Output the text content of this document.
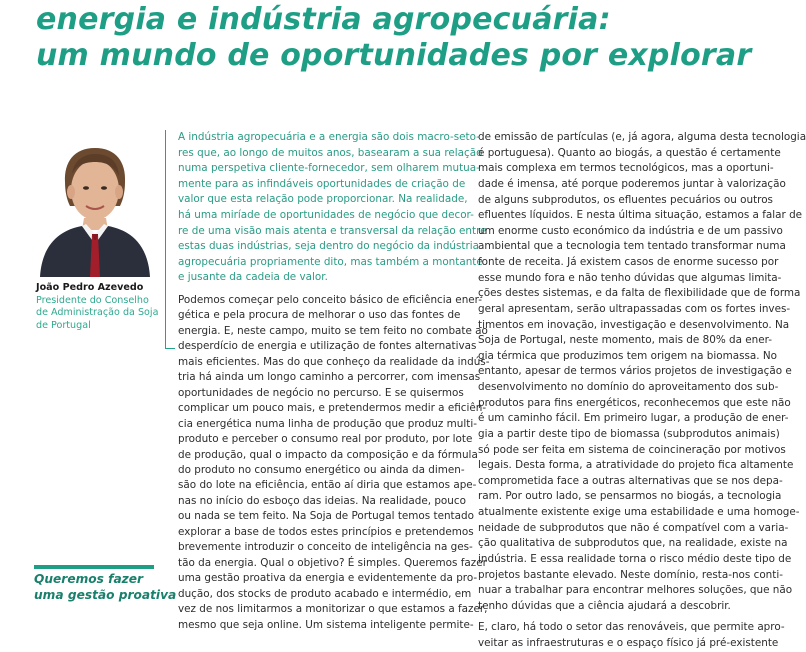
energia e indústria agropecuária:
um mundo de oportunidades por explorar
João Pedro Azevedo
Presidente do Conselho de Administração da Soja de Portugal
A indústria agropecuária e a energia são dois macro-seto-
res que, ao longo de muitos anos, basearam a sua relação
numa perspetiva cliente-fornecedor, sem olharem mutua-
mente para as infindáveis oportunidades de criação de
valor que esta relação pode proporcionar. Na realidade,
há uma miríade de oportunidades de negócio que decor-
re de uma visão mais atenta e transversal da relação entre
estas duas indústrias, seja dentro do negócio da indústria
agropecuária propriamente dito, mas também a montante
e jusante da cadeia de valor.
Podemos começar pelo conceito básico de eficiência ener-
gética e pela procura de melhorar o uso das fontes de
energia. E, neste campo, muito se tem feito no combate ao
desperdício de energia e utilização de fontes alternativas
mais eficientes. Mas do que conheço da realidade da indús-
tria há ainda um longo caminho a percorrer, com imensas
oportunidades de negócio no percurso. E se quisermos
complicar um pouco mais, e pretendermos medir a eficiên-
cia energética numa linha de produção que produz multi-
produto e perceber o consumo real por produto, por lote
de produção, qual o impacto da composição e da fórmula
do produto no consumo energético ou ainda da dimen-
são do lote na eficiência, então aí diria que estamos ape-
nas no início do esboço das ideias. Na realidade, pouco
ou nada se tem feito. Na Soja de Portugal temos tentado
explorar a base de todos estes princípios e pretendemos
brevemente introduzir o conceito de inteligência na ges-
tão da energia. Qual o objetivo? É simples. Queremos fazer
uma gestão proativa da energia e evidentemente da pro-
dução, dos stocks de produto acabado e intermédio, em
vez de nos limitarmos a monitorizar o que estamos a fazer,
mesmo que seja online. Um sistema inteligente permite-
de emissão de partículas (e, já agora, alguma desta tecnologia
é portuguesa). Quanto ao biogás, a questão é certamente
mais complexa em termos tecnológicos, mas a oportuni-
dade é imensa, até porque poderemos juntar à valorização
de alguns subprodutos, os efluentes pecuários ou outros
efluentes líquidos. E nesta última situação, estamos a falar de
um enorme custo económico da indústria e de um passivo
ambiental que a tecnologia tem tentado transformar numa
fonte de receita. Já existem casos de enorme sucesso por
esse mundo fora e não tenho dúvidas que algumas limita-
ções destes sistemas, e da falta de flexibilidade que de forma
geral apresentam, serão ultrapassadas com os fortes inves-
timentos em inovação, investigação e desenvolvimento. Na
Soja de Portugal, neste momento, mais de 80% da ener-
gia térmica que produzimos tem origem na biomassa. No
entanto, apesar de termos vários projetos de investigação e
desenvolvimento no domínio do aproveitamento dos sub-
produtos para fins energéticos, reconhecemos que este não
é um caminho fácil. Em primeiro lugar, a produção de ener-
gia a partir deste tipo de biomassa (subprodutos animais)
só pode ser feita em sistema de coincineração por motivos
legais. Desta forma, a atratividade do projeto fica altamente
comprometida face a outras alternativas que se nos depa-
ram. Por outro lado, se pensarmos no biogás, a tecnologia
atualmente existente exige uma estabilidade e uma homoge-
neidade de subprodutos que não é compatível com a varia-
ção qualitativa de subprodutos que, na realidade, existe na
indústria. E essa realidade torna o risco médio deste tipo de
projetos bastante elevado. Neste domínio, resta-nos conti-
nuar a trabalhar para encontrar melhores soluções, que não
tenho dúvidas que a ciência ajudará a descobrir.
E, claro, há todo o setor das renováveis, que permite apro-
veitar as infraestruturas e o espaço físico já pré-existente
Queremos fazer
uma gestão proativa
